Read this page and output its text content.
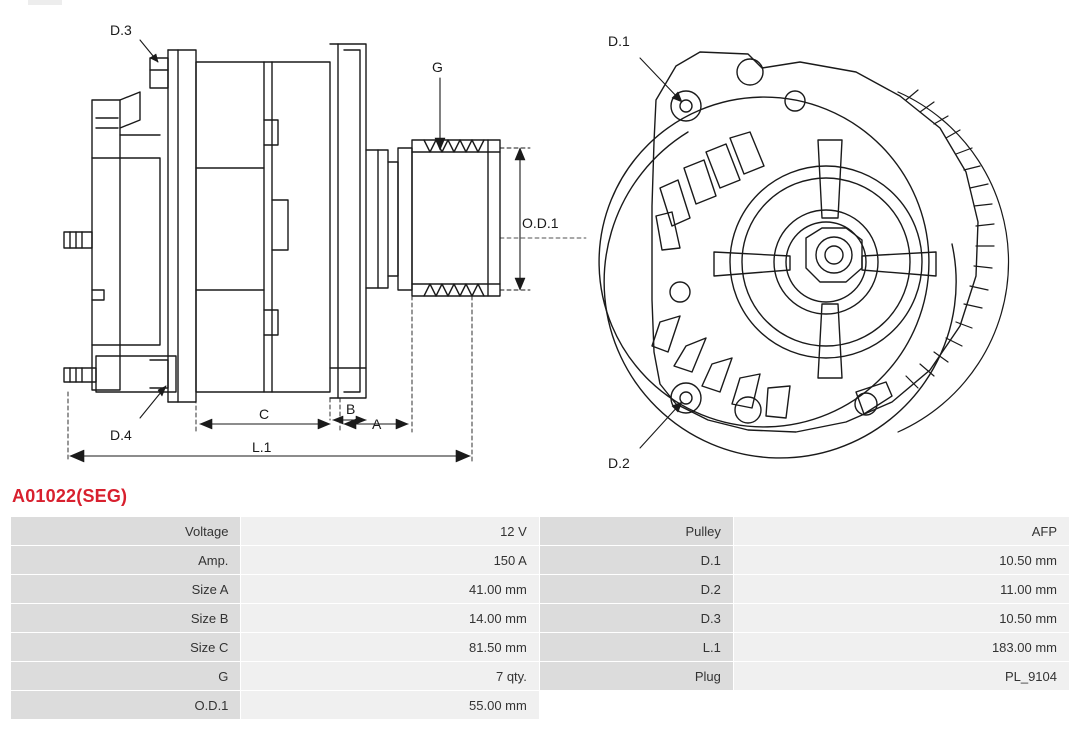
D.3
D.4
G
O.D.1
A
B
C
L.1
D.1
D.2
A01022(SEG)
Voltage	12 V	Pulley	AFP
Amp.	150 A	D.1	10.50 mm
Size A	41.00 mm	D.2	11.00 mm
Size B	14.00 mm	D.3	10.50 mm
Size C	81.50 mm	L.1	183.00 mm
G	7 qty.	Plug	PL_9104
O.D.1	55.00 mm		
